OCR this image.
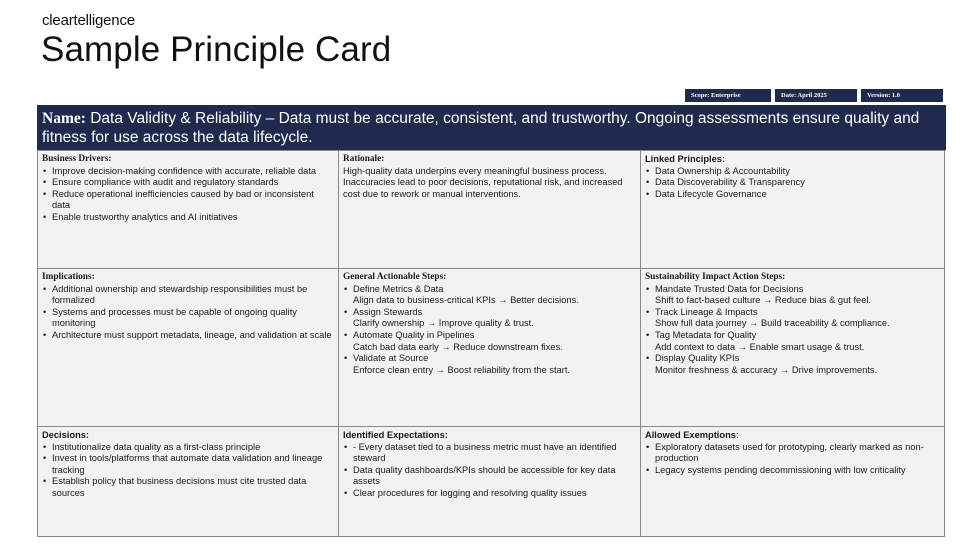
cleartelligence
Sample Principle Card
Scope: Enterprise	Date: April 2025	Version: 1.0
Name: Data Validity & Reliability – Data must be accurate, consistent, and trustworthy. Ongoing assessments ensure quality and fitness for use across the data lifecycle.
Business Drivers:
• Improve decision-making confidence with accurate, reliable data
• Ensure compliance with audit and regulatory standards
• Reduce operational inefficiencies caused by bad or inconsistent data
• Enable trustworthy analytics and AI initiatives
Rationale:
High-quality data underpins every meaningful business process. Inaccuracies lead to poor decisions, reputational risk, and increased cost due to rework or manual interventions.
Linked Principles:
• Data Ownership & Accountability
• Data Discoverability & Transparency
• Data Lifecycle Governance
Implications:
• Additional ownership and stewardship responsibilities must be formalized
• Systems and processes must be capable of ongoing quality monitoring
• Architecture must support metadata, lineage, and validation at scale
General Actionable Steps:
• Define Metrics & Data
Align data to business-critical KPIs → Better decisions.
• Assign Stewards
Clarify ownership → Improve quality & trust.
• Automate Quality in Pipelines
Catch bad data early → Reduce downstream fixes.
• Validate at Source
Enforce clean entry → Boost reliability from the start.
Sustainability Impact Action Steps:
• Mandate Trusted Data for Decisions
Shift to fact-based culture → Reduce bias & gut feel.
• Track Lineage & Impacts
Show full data journey → Build traceability & compliance.
• Tag Metadata for Quality
Add context to data → Enable smart usage & trust.
• Display Quality KPIs
Monitor freshness & accuracy → Drive improvements.
Decisions:
• Institutionalize data quality as a first-class principle
• Invest in tools/platforms that automate data validation and lineage tracking
• Establish policy that business decisions must cite trusted data sources
Identified Expectations:
• - Every dataset tied to a business metric must have an identified steward
• Data quality dashboards/KPIs should be accessible for key data assets
• Clear procedures for logging and resolving quality issues
Allowed Exemptions:
• Exploratory datasets used for prototyping, clearly marked as non-production
• Legacy systems pending decommissioning with low criticality
